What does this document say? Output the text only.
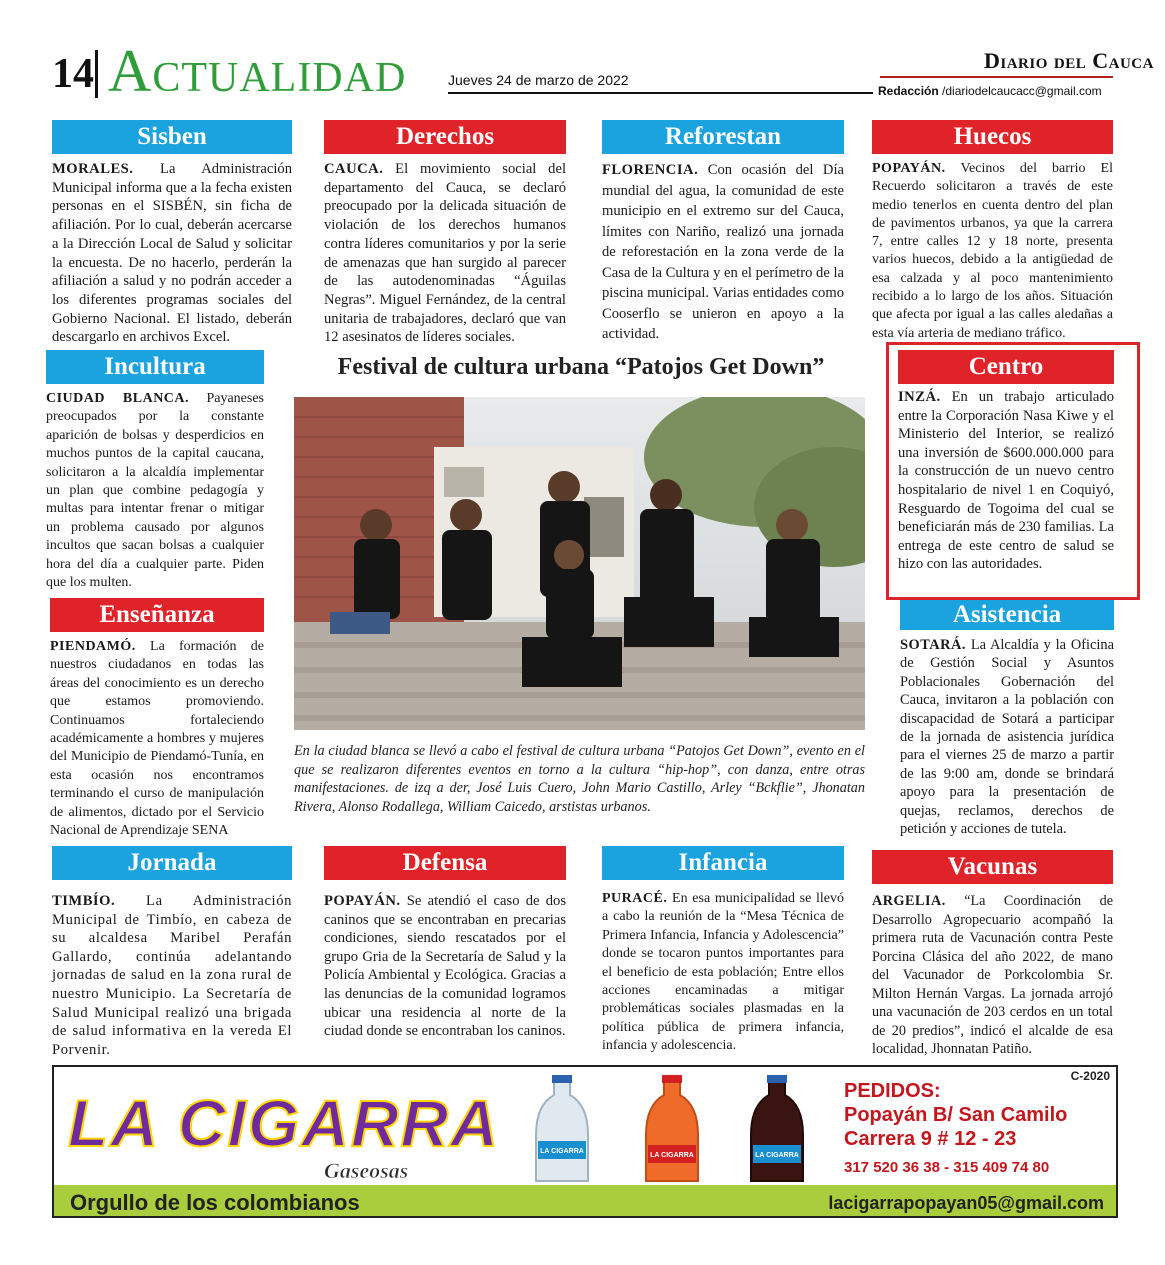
14 Actualidad	Jueves 24 de marzo de 2022
Diario del Cauca
Redacción /diariodelcaucacc@gmail.com
Sisben

MORALES. La Administración Municipal informa que a la fecha existen personas en el SISBÉN, sin ficha de afiliación. Por lo cual, deberán acercarse a la Dirección Local de Salud y solicitar la encuesta. De no hacerlo, perderán la afiliación a salud y no podrán acceder a los diferentes programas sociales del Gobierno Nacional. El listado, deberán descargarlo en archivos Excel.

Derechos

CAUCA. El movimiento social del departamento del Cauca, se declaró preocupado por la delicada situación de violación de los derechos humanos contra líderes comunitarios y por la serie de amenazas que han surgido al parecer de las autodenominadas “Águilas Negras”. Miguel Fernández, de la central unitaria de trabajadores, declaró que van 12 asesinatos de líderes sociales.

Reforestan

FLORENCIA. Con ocasión del Día mundial del agua, la comunidad de este municipio en el extremo sur del Cauca, límites con Nariño, realizó una jornada de reforestación en la zona verde de la Casa de la Cultura y en el perímetro de la piscina municipal. Varias entidades como Cooserflo se unieron en apoyo a la actividad.

Huecos

POPAYÁN. Vecinos del barrio El Recuerdo solicitaron a través de este medio tenerlos en cuenta dentro del plan de pavimentos urbanos, ya que la carrera 7, entre calles 12 y 18 norte, presenta varios huecos, debido a la antigüedad de esa calzada y al poco mantenimiento recibido a lo largo de los años. Situación que afecta por igual a las calles aledañas a esta vía arteria de mediano tráfico.

Incultura

CIUDAD BLANCA. Payaneses preocupados por la constante aparición de bolsas y desperdicios en muchos puntos de la capital caucana, solicitaron a la alcaldía implementar un plan que combine pedagogía y multas para intentar frenar o mitigar un problema causado por algunos incultos que sacan bolsas a cualquier hora del día a cualquier parte. Piden que los multen.

Enseñanza

PIENDAMÓ. La formación de nuestros ciudadanos en todas las áreas del conocimiento es un derecho que estamos promoviendo. Continuamos fortaleciendo académicamente a hombres y mujeres del Municipio de Piendamó-Tunía, en esta ocasión nos encontramos terminando el curso de manipulación de alimentos, dictado por el Servicio Nacional de Aprendizaje SENA

Festival de cultura urbana “Patojos Get Down”

En la ciudad blanca se llevó a cabo el festival de cultura urbana “Patojos Get Down”, evento en el que se realizaron diferentes eventos en torno a la cultura “hip-hop”, con danza, entre otras manifestaciones. de izq a der, José Luis Cuero, John Mario Castillo, Arley “Bckflie”, Jhonatan Rivera, Alonso Rodallega, William Caicedo, arstistas urbanos.

Centro

INZÁ. En un trabajo articulado entre la Corporación Nasa Kiwe y el Ministerio del Interior, se realizó una inversión de $600.000.000 para la construcción de un nuevo centro hospitalario de nivel 1 en Coquiyó, Resguardo de Togoima del cual se beneficiarán más de 230 familias. La entrega de este centro de salud se hizo con las autoridades.

Asistencia

SOTARÁ. La Alcaldía y la Oficina de Gestión Social y Asuntos Poblacionales Gobernación del Cauca, invitaron a la población con discapacidad de Sotará a participar de la jornada de asistencia jurídica para el viernes 25 de marzo a partir de las 9:00 am, donde se brindará apoyo para la presentación de quejas, reclamos, derechos de petición y acciones de tutela.

Jornada

TIMBÍO. La Administración Municipal de Timbío, en cabeza de su alcaldesa Maribel Perafán Gallardo, continúa adelantando jornadas de salud en la zona rural de nuestro Municipio. La Secretaría de Salud Municipal realizó una brigada de salud informativa en la vereda El Porvenir.

Defensa

POPAYÁN. Se atendió el caso de dos caninos que se encontraban en precarias condiciones, siendo rescatados por el grupo Gria de la Secretaría de Salud y la Policía Ambiental y Ecológica. Gracias a las denuncias de la comunidad logramos ubicar una residencia al norte de la ciudad donde se encontraban los caninos.

Infancia

PURACÉ. En esa municipalidad se llevó a cabo la reunión de la “Mesa Técnica de Primera Infancia, Infancia y Adolescencia” donde se tocaron puntos importantes para el beneficio de esta población; Entre ellos acciones encaminadas a mitigar problemáticas sociales plasmadas en la política pública de primera infancia, infancia y adolescencia.

Vacunas

ARGELIA. “La Coordinación de Desarrollo Agropecuario acompañó la primera ruta de Vacunación contra Peste Porcina Clásica del año 2022, de mano del Vacunador de Porkcolombia Sr. Milton Hernán Vargas. La jornada arrojó una vacunación de 203 cerdos en un total de 20 predios”, indicó el alcalde de esa localidad, Jhonnatan Patiño.

C-2020
LA CIGARRA
Gaseosas
LA CIGARRA
LA CIGARRA	LA CIGARRA
PEDIDOS:
Popayán B/ San Camilo
Carrera 9 # 12 - 23
317 520 36 38 - 315 409 74 80
Orgullo de los colombianos	lacigarrapopayan05@gmail.com
